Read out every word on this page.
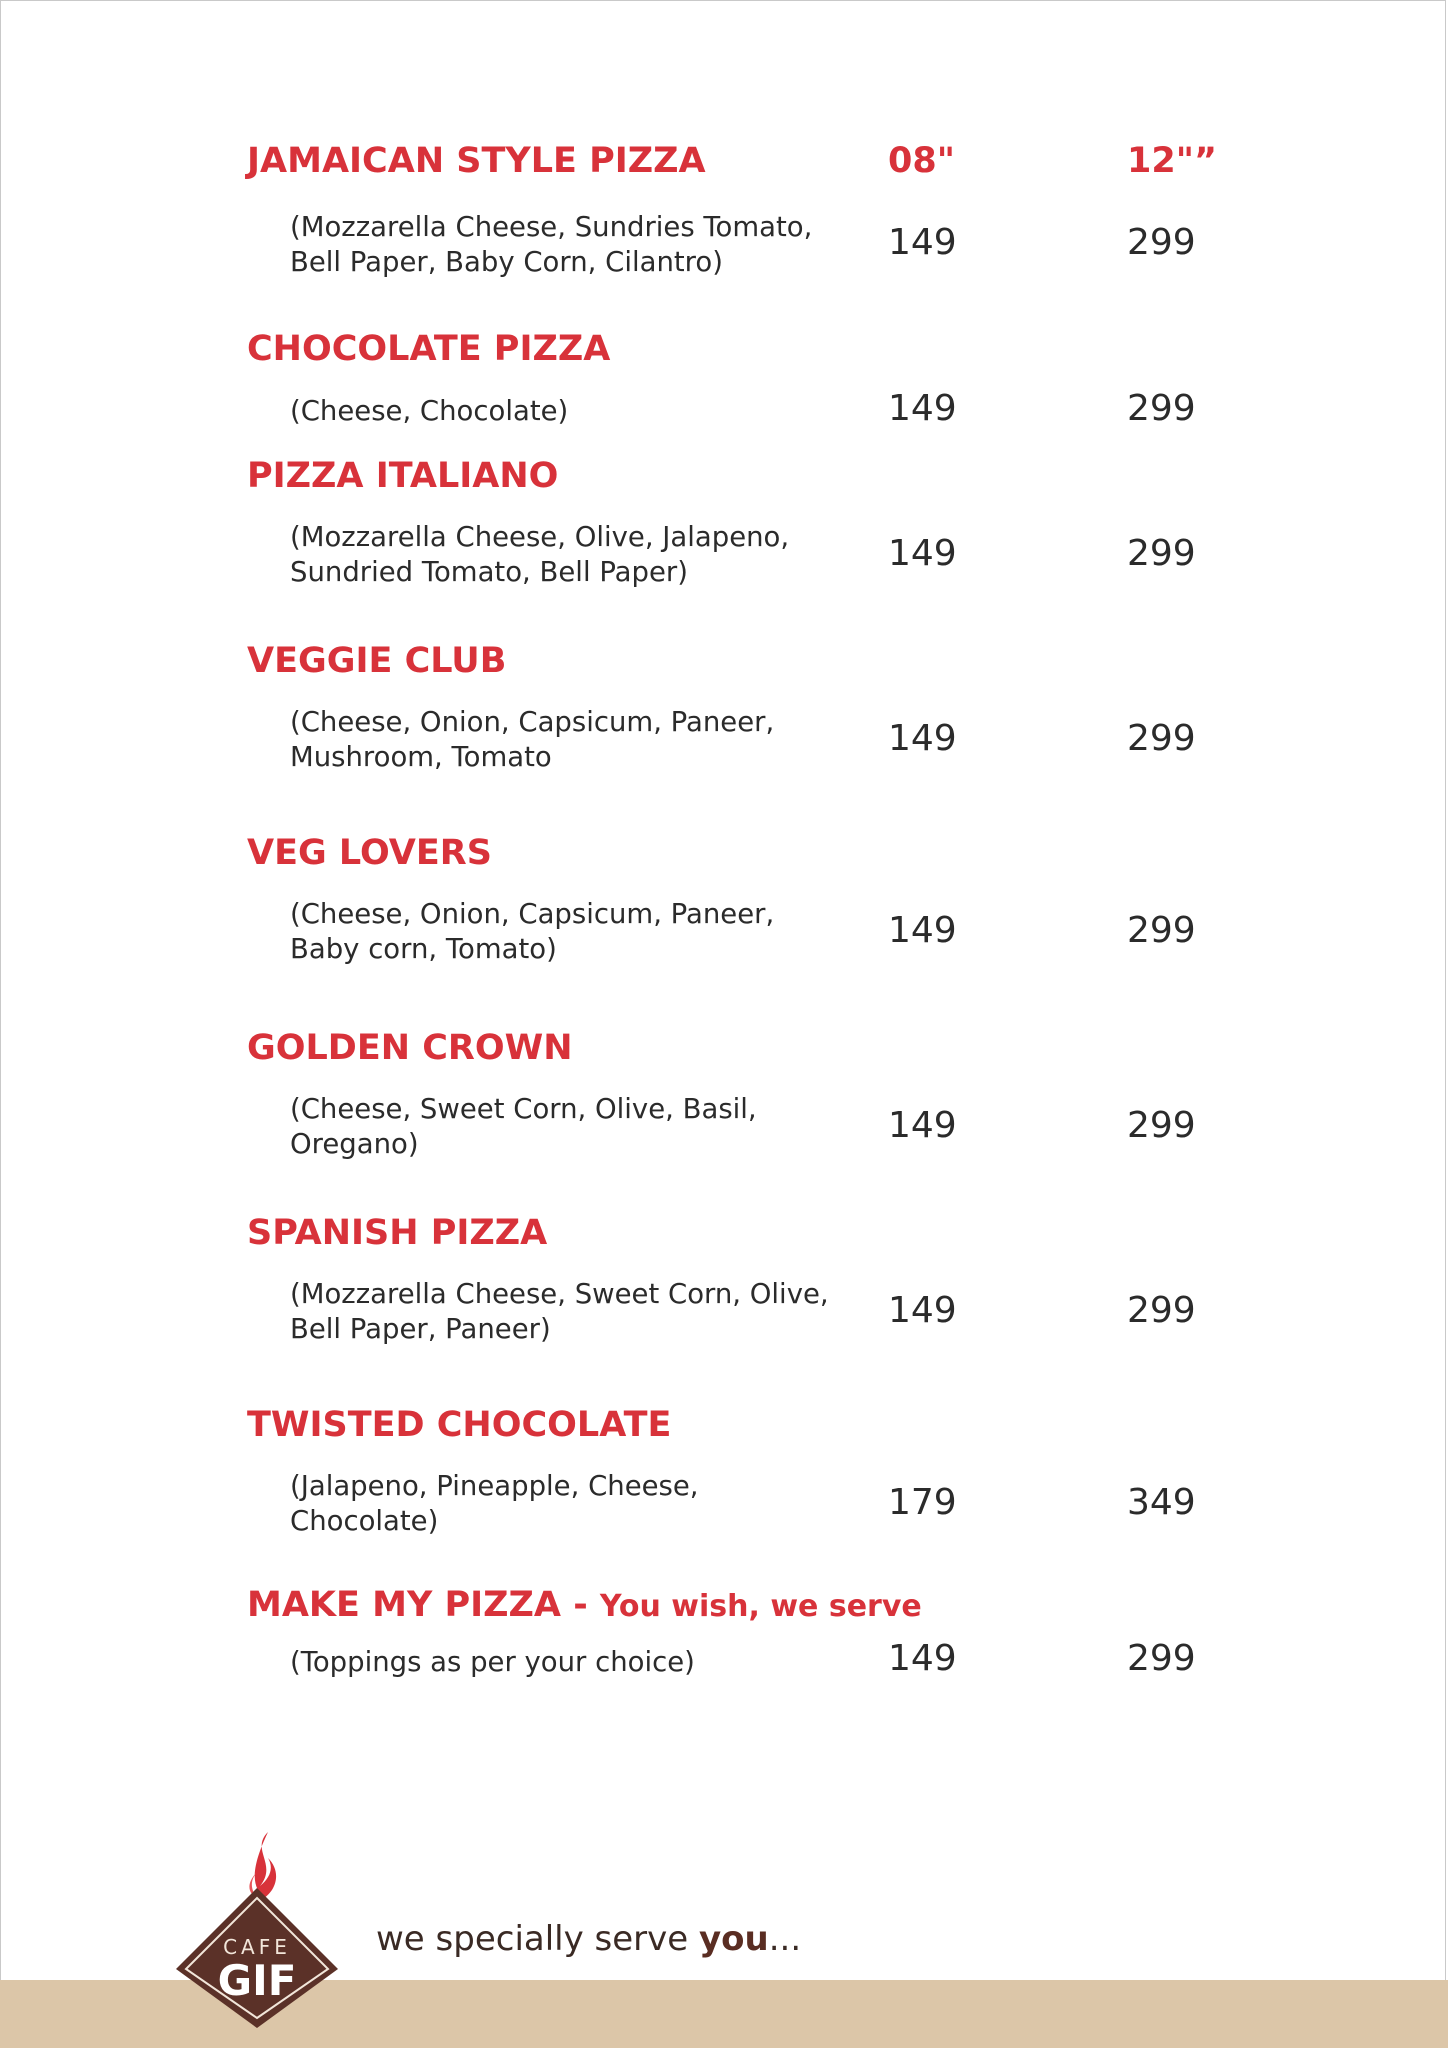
JAMAICAN STYLE PIZZA	08"	12"”
(Mozzarella Cheese, Sundries Tomato,
Bell Paper, Baby Corn, Cilantro)	149	299
CHOCOLATE PIZZA
(Cheese, Chocolate)	149	299
PIZZA ITALIANO
(Mozzarella Cheese, Olive, Jalapeno,
Sundried Tomato, Bell Paper)	149	299
VEGGIE CLUB
(Cheese, Onion, Capsicum, Paneer,
Mushroom, Tomato	149	299
VEG LOVERS
(Cheese, Onion, Capsicum, Paneer,
Baby corn, Tomato)	149	299
GOLDEN CROWN
(Cheese, Sweet Corn, Olive, Basil,
Oregano)	149	299
SPANISH PIZZA
(Mozzarella Cheese, Sweet Corn, Olive,
Bell Paper, Paneer)	149	299
TWISTED CHOCOLATE
(Jalapeno, Pineapple, Cheese,
Chocolate)	179	349
MAKE MY PIZZA - You wish, we serve
(Toppings as per your choice)	149	299
CAFE
GIF
we specially serve you...
